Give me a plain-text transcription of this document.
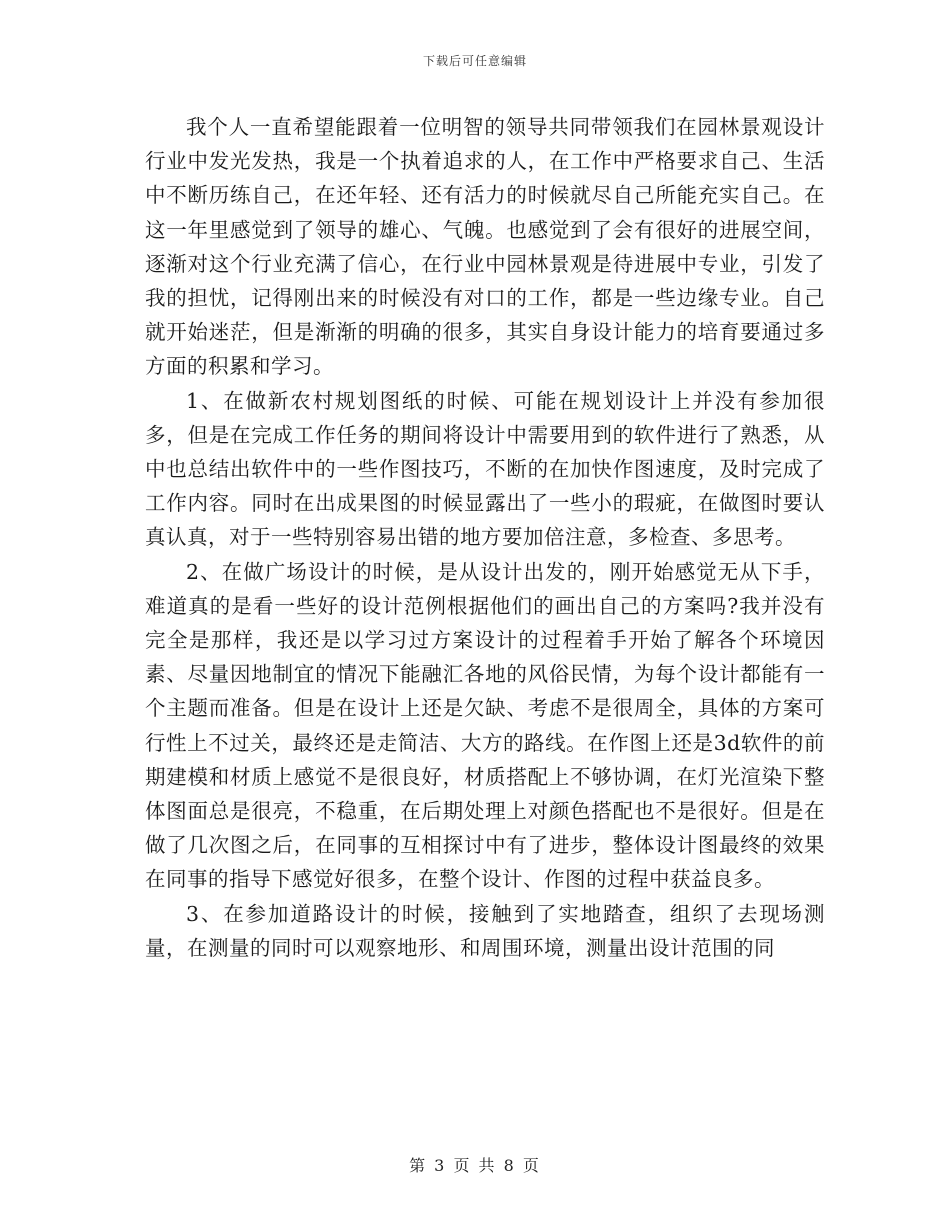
下载后可任意编辑

我个人一直希望能跟着一位明智的领导共同带领我们在园林景观设计行业中发光发热，我是一个执着追求的人，在工作中严格要求自己、生活中不断历练自己，在还年轻、还有活力的时候就尽自己所能充实自己。在这一年里感觉到了领导的雄心、气魄。也感觉到了会有很好的进展空间，逐渐对这个行业充满了信心，在行业中园林景观是待进展中专业，引发了我的担忧，记得刚出来的时候没有对口的工作，都是一些边缘专业。自己就开始迷茫，但是渐渐的明确的很多，其实自身设计能力的培育要通过多方面的积累和学习。

1、在做新农村规划图纸的时候、可能在规划设计上并没有参加很多，但是在完成工作任务的期间将设计中需要用到的软件进行了熟悉，从中也总结出软件中的一些作图技巧，不断的在加快作图速度，及时完成了工作内容。同时在出成果图的时候显露出了一些小的瑕疵，在做图时要认真认真，对于一些特别容易出错的地方要加倍注意，多检查、多思考。

2、在做广场设计的时候，是从设计出发的，刚开始感觉无从下手，难道真的是看一些好的设计范例根据他们的画出自己的方案吗?我并没有完全是那样，我还是以学习过方案设计的过程着手开始了解各个环境因素、尽量因地制宜的情况下能融汇各地的风俗民情，为每个设计都能有一个主题而准备。但是在设计上还是欠缺、考虑不是很周全，具体的方案可行性上不过关，最终还是走简洁、大方的路线。在作图上还是3d软件的前期建模和材质上感觉不是很良好，材质搭配上不够协调，在灯光渲染下整体图面总是很亮，不稳重，在后期处理上对颜色搭配也不是很好。但是在做了几次图之后，在同事的互相探讨中有了进步，整体设计图最终的效果在同事的指导下感觉好很多，在整个设计、作图的过程中获益良多。

3、在参加道路设计的时候，接触到了实地踏查，组织了去现场测量，在测量的同时可以观察地形、和周围环境，测量出设计范围的同

第 3 页 共 8 页
